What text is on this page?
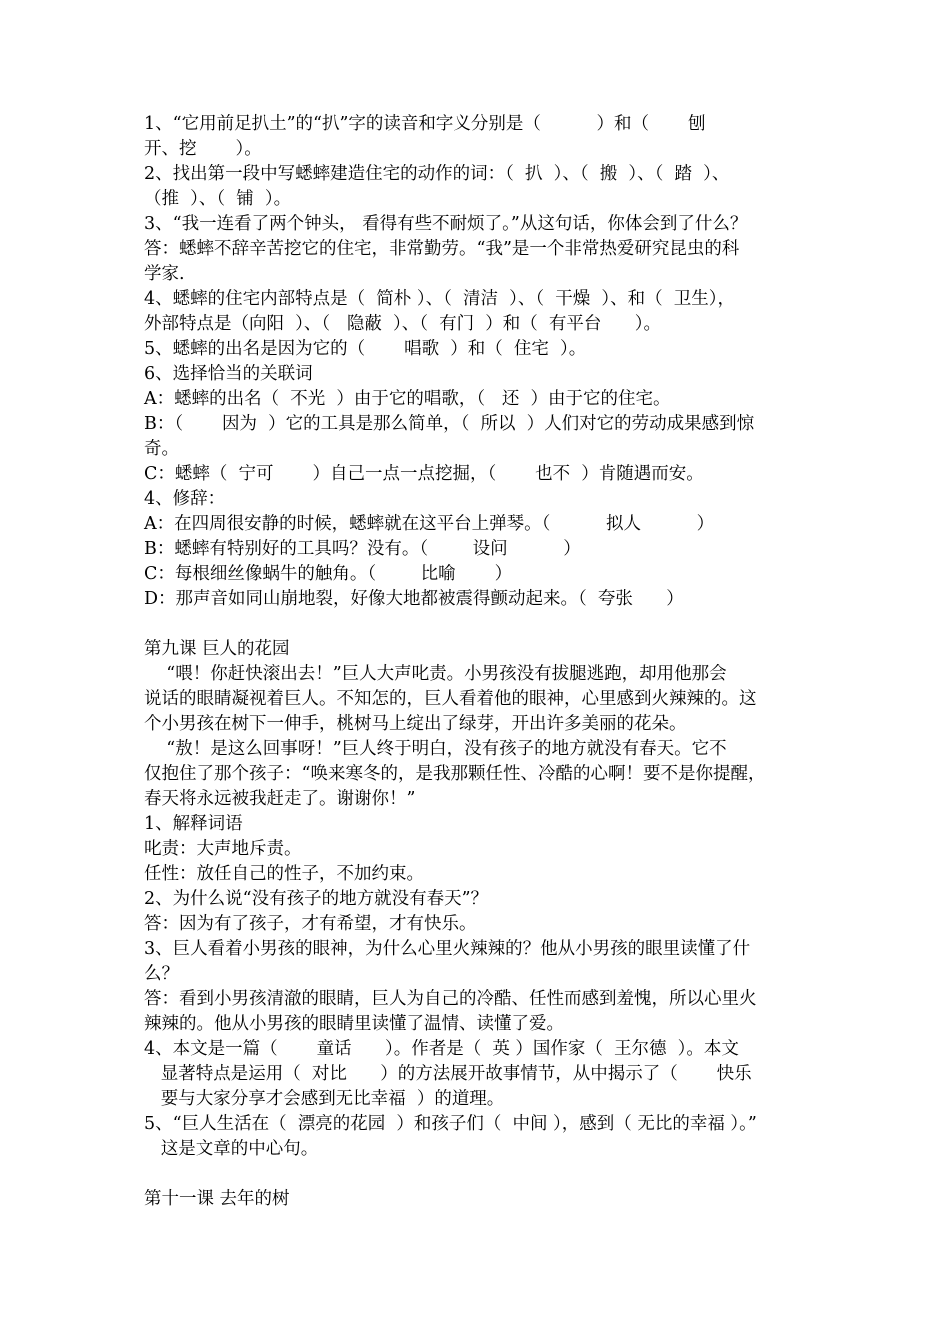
1、“它用前足扒土”的“扒”字的读音和字义分别是（          ）和（       刨
开、挖       ）。
2、找出第一段中写蟋蟀建造住宅的动作的词：（  扒  ）、（  搬  ）、（  踏  ）、
（推  ）、（  铺  ）。
3、“我一连看了两个钟头， 看得有些不耐烦了。”从这句话，你体会到了什么？
答：蟋蟀不辞辛苦挖它的住宅，非常勤劳。“我”是一个非常热爱研究昆虫的科
学家.
4、蟋蟀的住宅内部特点是（  简朴 ）、（  清洁  ）、（  干燥  ）、和（  卫生），
外部特点是（向阳  ）、（   隐蔽  ）、（  有门  ）和（  有平台      ）。
5、蟋蟀的出名是因为它的（       唱歌  ）和（  住宅  ）。
6、选择恰当的关联词
A：蟋蟀的出名（  不光  ）由于它的唱歌，（   还  ）由于它的住宅。
B：（       因为  ）它的工具是那么简单，（  所以  ）人们对它的劳动成果感到惊
奇。
C：蟋蟀（  宁可       ）自己一点一点挖掘，（       也不  ）肯随遇而安。
4、修辞：
A：在四周很安静的时候，蟋蟀就在这平台上弹琴。（          拟人          ）
B：蟋蟀有特别好的工具吗？没有。（        设问          ）
C：每根细丝像蜗牛的触角。（        比喻       ）
D：那声音如同山崩地裂，好像大地都被震得颤动起来。（  夸张      ）
第九课 巨人的花园
“喂！你赶快滚出去！”巨人大声叱责。小男孩没有拔腿逃跑，却用他那会
说话的眼睛凝视着巨人。不知怎的，巨人看着他的眼神，心里感到火辣辣的。这
个小男孩在树下一伸手，桃树马上绽出了绿芽，开出许多美丽的花朵。
“敖！是这么回事呀！”巨人终于明白，没有孩子的地方就没有春天。它不
仅抱住了那个孩子：“唤来寒冬的，是我那颗任性、冷酷的心啊！要不是你提醒，
春天将永远被我赶走了。谢谢你！”
1、解释词语
叱责：大声地斥责。
任性：放任自己的性子，不加约束。
2、为什么说“没有孩子的地方就没有春天”？
答：因为有了孩子，才有希望，才有快乐。
3、巨人看着小男孩的眼神，为什么心里火辣辣的？他从小男孩的眼里读懂了什
么？
答：看到小男孩清澈的眼睛，巨人为自己的冷酷、任性而感到羞愧，所以心里火
辣辣的。他从小男孩的眼睛里读懂了温情、读懂了爱。
4、本文是一篇（       童话      ）。作者是（  英 ）国作家（  王尔德  ）。本文
显著特点是运用（  对比      ）的方法展开故事情节，从中揭示了（       快乐
要与大家分享才会感到无比幸福  ）的道理。
5、“巨人生活在（  漂亮的花园  ）和孩子们（  中间 ），感到（ 无比的幸福 ）。”
这是文章的中心句。
第十一课 去年的树
